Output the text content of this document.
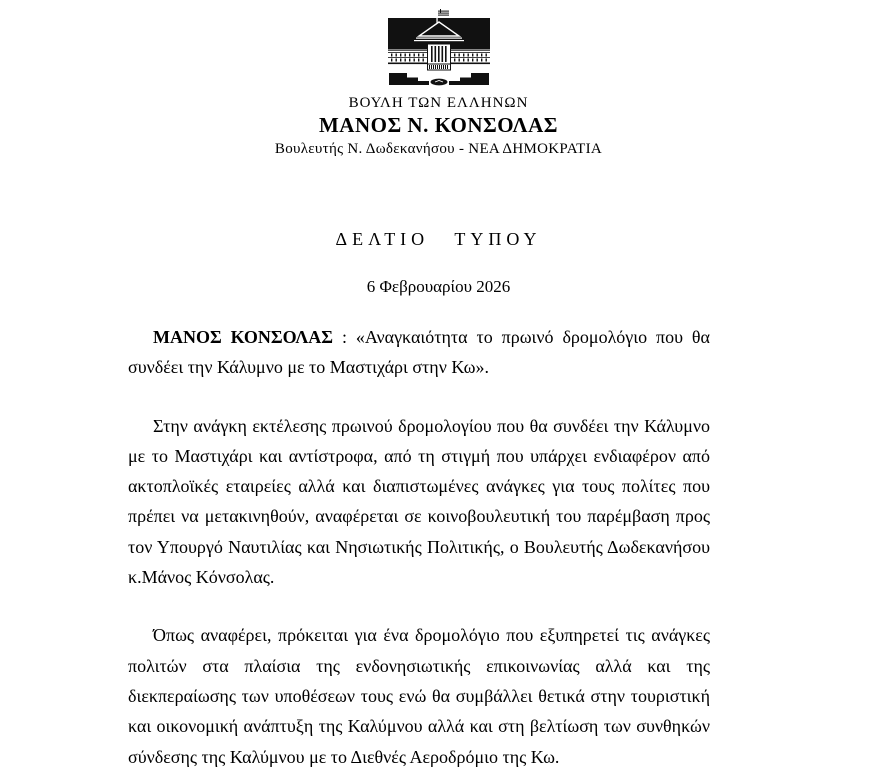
ΒΟΥΛΗ ΤΩΝ ΕΛΛΗΝΩΝ
ΜΑΝΟΣ Ν. ΚΟΝΣΟΛΑΣ
Βουλευτής Ν. Δωδεκανήσου - ΝΕΑ ΔΗΜΟΚΡΑΤΙΑ
ΔΕΛΤΙΟ ΤΥΠΟΥ
6 Φεβρουαρίου 2026

ΜΑΝΟΣ ΚΟΝΣΟΛΑΣ : «Αναγκαιότητα το πρωινό δρομολόγιο που θα συνδέει την Κάλυμνο με το Μαστιχάρι στην Κω».

Στην ανάγκη εκτέλεσης πρωινού δρομολογίου που θα συνδέει την Κάλυμνο με το Μαστιχάρι και αντίστροφα, από τη στιγμή που υπάρχει ενδιαφέρον από ακτοπλοϊκές εταιρείες αλλά και διαπιστωμένες ανάγκες για τους πολίτες που πρέπει να μετακινηθούν, αναφέρεται σε κοινοβουλευτική του παρέμβαση προς τον Υπουργό Ναυτιλίας και Νησιωτικής Πολιτικής, ο Βουλευτής Δωδεκανήσου κ.Μάνος Κόνσολας.

Όπως αναφέρει, πρόκειται για ένα δρομολόγιο που εξυπηρετεί τις ανάγκες πολιτών στα πλαίσια της ενδονησιωτικής επικοινωνίας αλλά και της διεκπεραίωσης των υποθέσεων τους ενώ θα συμβάλλει θετικά στην τουριστική και οικονομική ανάπτυξη της Καλύμνου αλλά και στη βελτίωση των συνθηκών σύνδεσης της Καλύμνου με το Διεθνές Αεροδρόμιο της Κω.
